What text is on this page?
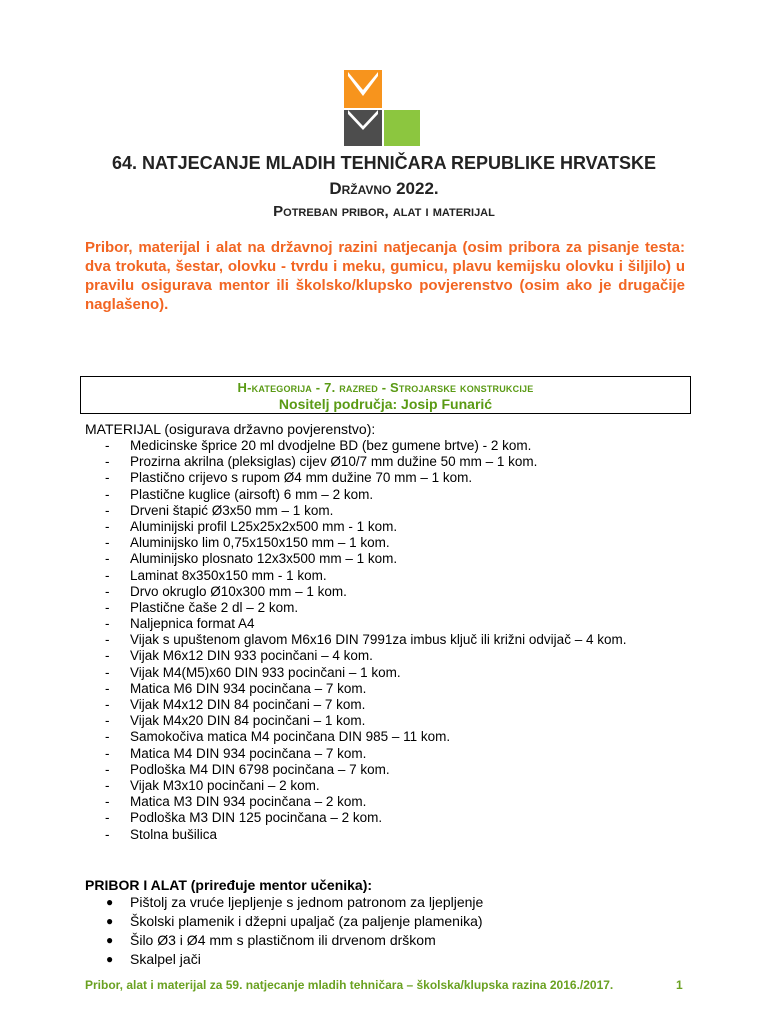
64. NATJECANJE MLADIH TEHNIČARA REPUBLIKE HRVATSKE
Državno 2022.
Potreban pribor, alat i materijal
Pribor, materijal i alat na državnoj razini natjecanja (osim pribora za pisanje testa: dva trokuta, šestar, olovku - tvrdu i meku, gumicu, plavu kemijsku olovku i šiljilo) u pravilu osigurava mentor ili školsko/klupsko povjerenstvo (osim ako je drugačije naglašeno).
H-kategorija - 7. razred - Strojarske konstrukcije
Nositelj područja: Josip Funarić
MATERIJAL (osigurava državno povjerenstvo):
- Medicinske šprice 20 ml dvodjelne BD (bez gumene brtve) - 2 kom.
- Prozirna akrilna (pleksiglas) cijev Ø10/7 mm dužine 50 mm – 1 kom.
- Plastično crijevo s rupom Ø4 mm dužine 70 mm – 1 kom.
- Plastične kuglice (airsoft) 6 mm – 2 kom.
- Drveni štapić Ø3x50 mm – 1 kom.
- Aluminijski profil L25x25x2x500 mm - 1 kom.
- Aluminijsko lim 0,75x150x150 mm – 1 kom.
- Aluminijsko plosnato 12x3x500 mm – 1 kom.
- Laminat 8x350x150 mm - 1 kom.
- Drvo okruglo Ø10x300 mm – 1 kom.
- Plastične čaše 2 dl – 2 kom.
- Naljepnica format A4
- Vijak s upuštenom glavom M6x16 DIN 7991za imbus ključ ili križni odvijač – 4 kom.
- Vijak M6x12 DIN 933 pocinčani – 4 kom.
- Vijak M4(M5)x60 DIN 933 pocinčani – 1 kom.
- Matica M6 DIN 934 pocinčana – 7 kom.
- Vijak M4x12 DIN 84 pocinčani – 7 kom.
- Vijak M4x20 DIN 84 pocinčani – 1 kom.
- Samokočiva matica M4 pocinčana DIN 985 – 11 kom.
- Matica M4 DIN 934 pocinčana – 7 kom.
- Podloška M4 DIN 6798 pocinčana – 7 kom.
- Vijak M3x10 pocinčani – 2 kom.
- Matica M3 DIN 934 pocinčana – 2 kom.
- Podloška M3 DIN 125 pocinčana – 2 kom.
- Stolna bušilica
PRIBOR I ALAT (priređuje mentor učenika):
● Pištolj za vruće ljepljenje s jednom patronom za ljepljenje
● Školski plamenik i džepni upaljač (za paljenje plamenika)
● Šilo Ø3 i Ø4 mm s plastičnom ili drvenom drškom
● Skalpel jači
Pribor, alat i materijal za 59. natjecanje mladih tehničara – školska/klupska razina 2016./2017.	1
